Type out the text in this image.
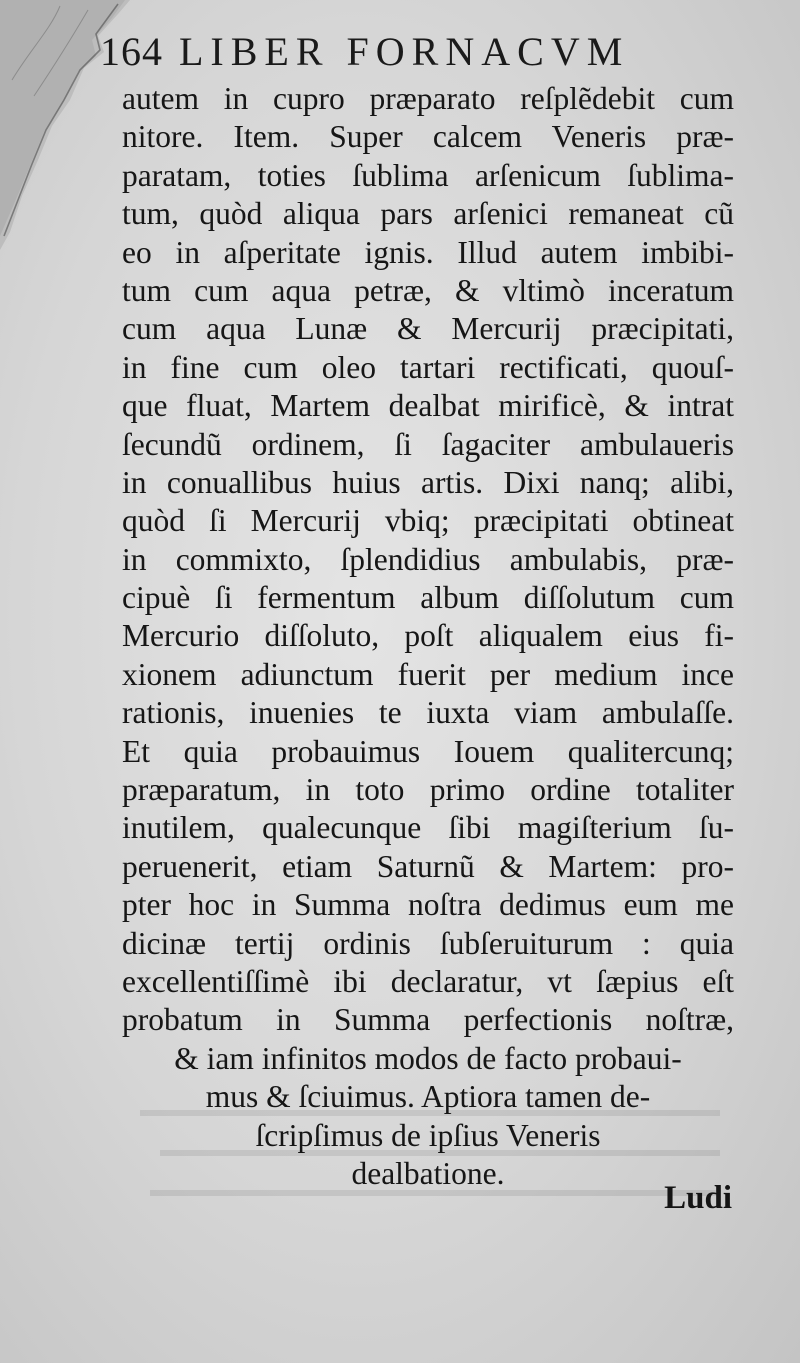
164 LIBER FORNACVM
autem in cupro præparato reſplẽdebit cum
nitore. Item. Super calcem Veneris præ-
paratam, toties ſublima arſenicum ſublima-
tum, quòd aliqua pars arſenici remaneat cũ
eo in aſperitate ignis. Illud autem imbibi-
tum cum aqua petræ, & vltimò inceratum
cum aqua Lunæ & Mercurij præcipitati,
in fine cum oleo tartari rectificati, quouſ-
que fluat, Martem dealbat mirificè, & intrat
ſecundũ ordinem, ſi ſagaciter ambulaueris
in conuallibus huius artis. Dixi nanq; alibi,
quòd ſi Mercurij vbiq; præcipitati obtineat
in commixto, ſplendidius ambulabis, præ-
cipuè ſi fermentum album diſſolutum cum
Mercurio diſſoluto, poſt aliqualem eius fi-
xionem adiunctum fuerit per medium ince
rationis, inuenies te iuxta viam ambulaſſe.
Et quia probauimus Iouem qualitercunq;
præparatum, in toto primo ordine totaliter
inutilem, qualecunque ſibi magiſterium ſu-
peruenerit, etiam Saturnũ & Martem: pro-
pter hoc in Summa noſtra dedimus eum me
dicinæ tertij ordinis ſubſeruiturum : quia
excellentiſſimè ibi declaratur, vt ſæpius eſt
probatum in Summa perfectionis noſtræ,
& iam infinitos modos de facto probaui-
mus & ſciuimus. Aptiora tamen de-
ſcripſimus de ipſius Veneris
dealbatione.
Ludi
